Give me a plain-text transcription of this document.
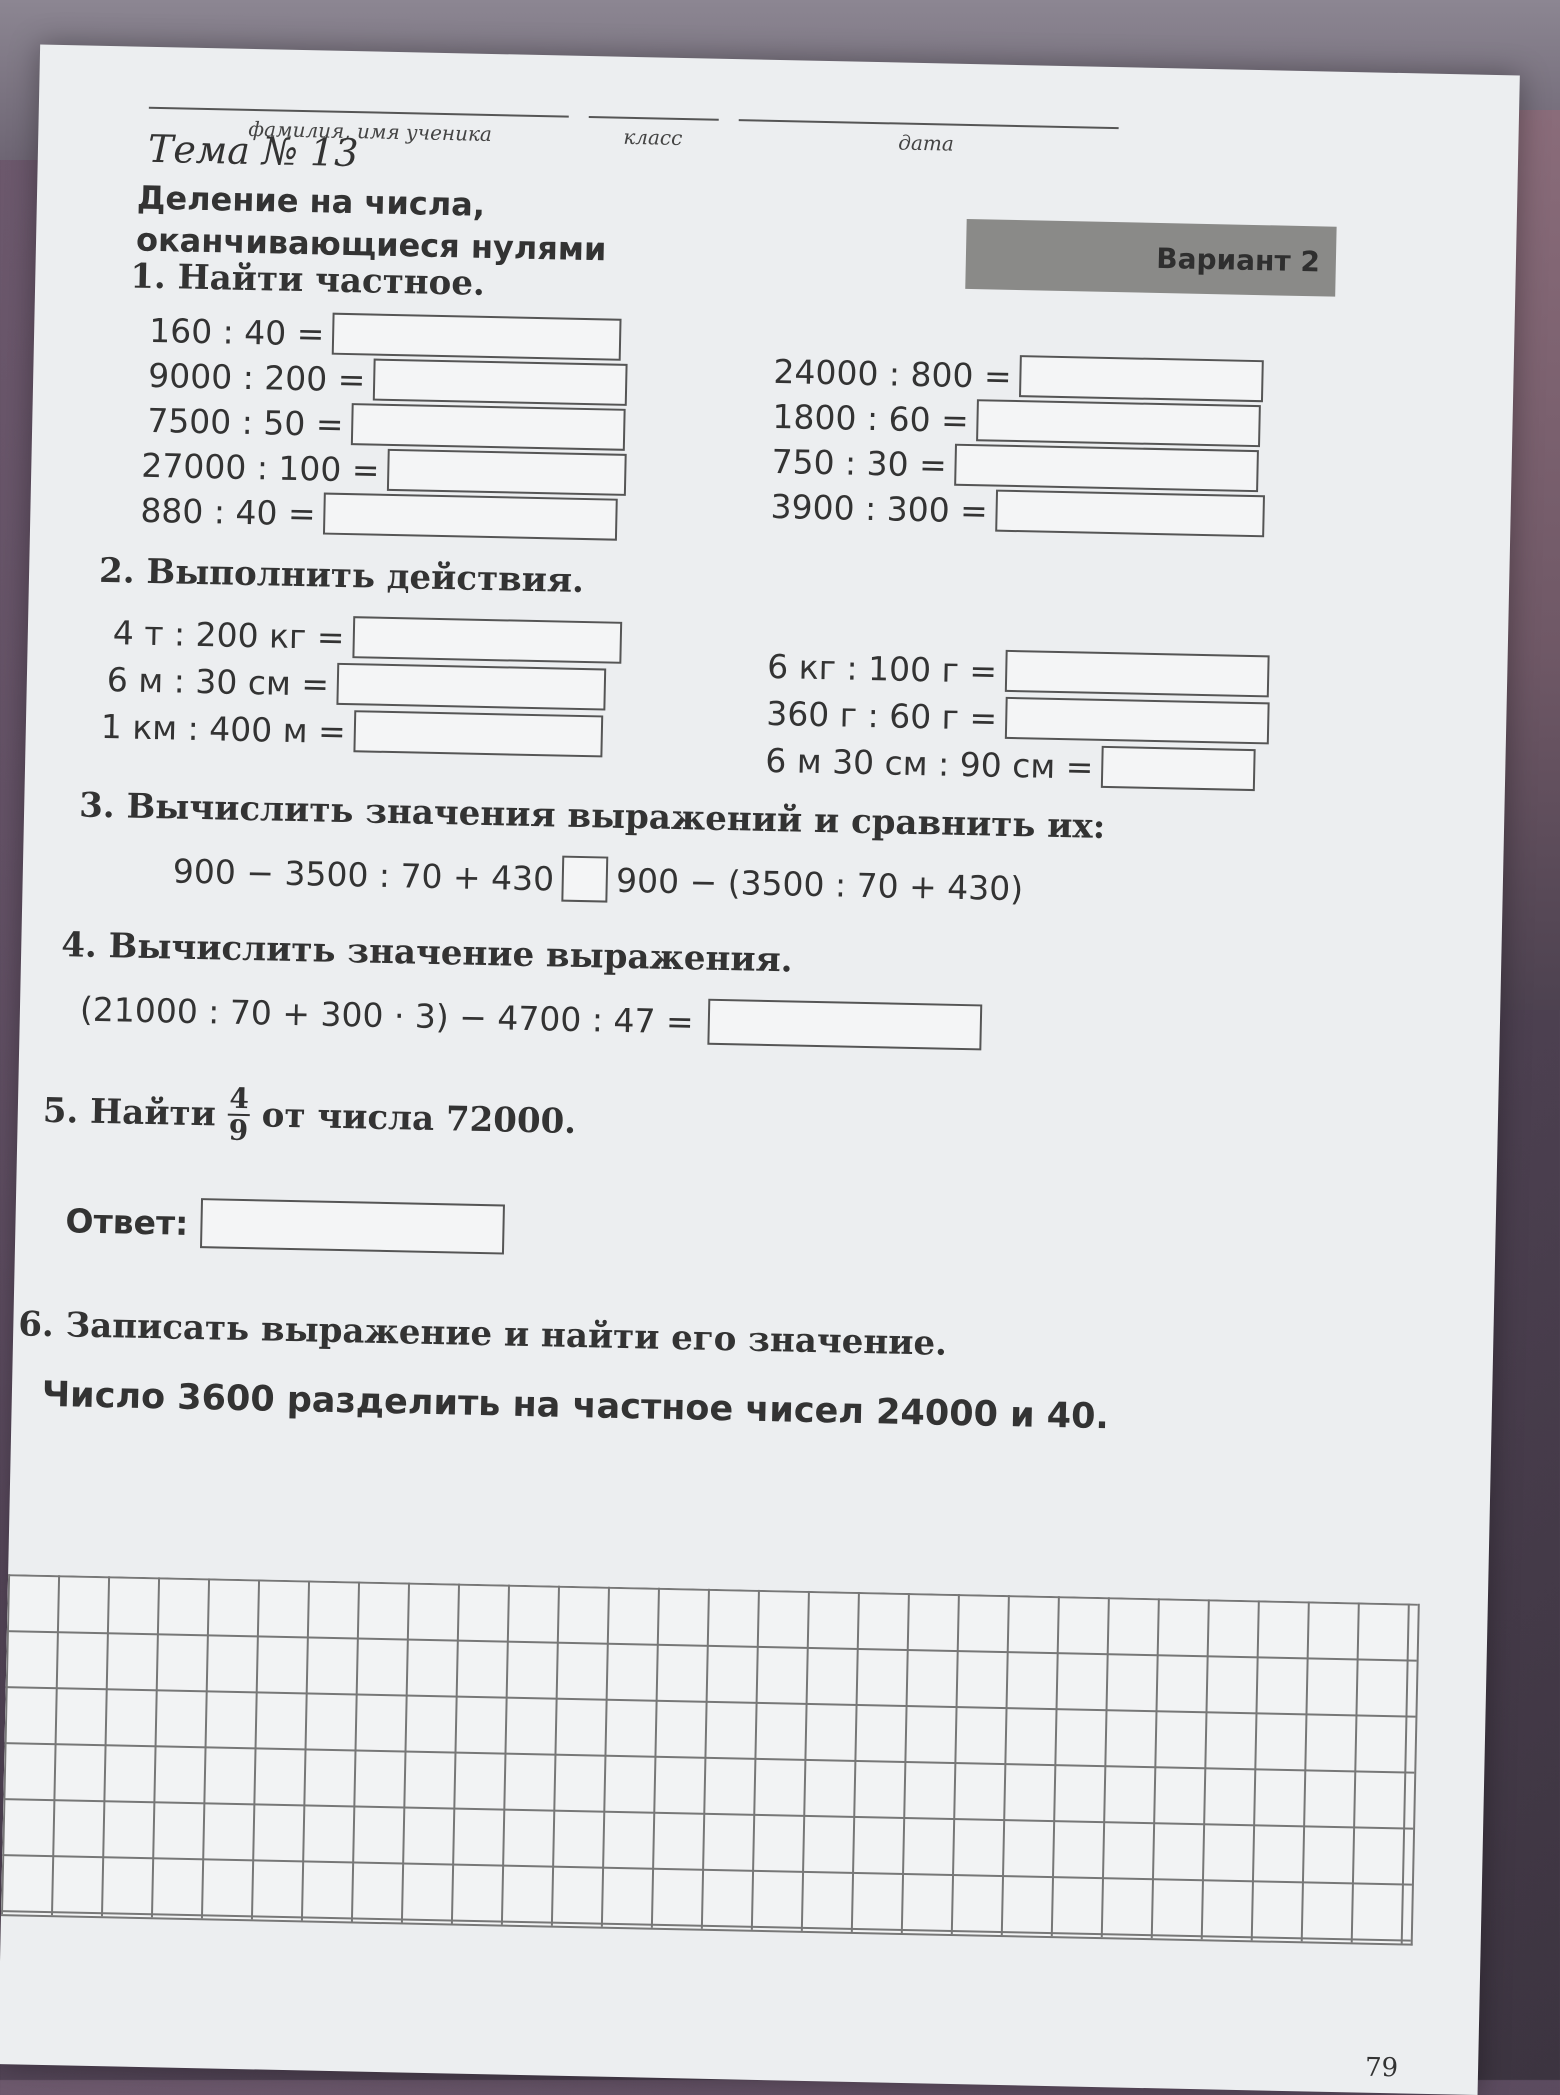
фамилия, имя ученика	класс	дата
Тема № 13
Деление на числа,
оканчивающиеся нулями	Вариант 2
1. Найти частное.
160 : 40 =
9000 : 200 =
7500 : 50 =
27000 : 100 =
880 : 40 =
24000 : 800 =
1800 : 60 =
750 : 30 =
3900 : 300 =
2. Выполнить действия.
4 т : 200 кг =
6 м : 30 см =
1 км : 400 м =
6 кг : 100 г =
360 г : 60 г =
6 м 30 см : 90 см =
3. Вычислить значения выражений и сравнить их:
900 − 3500 : 70 + 430 900 − (3500 : 70 + 430)
4. Вычислить значение выражения.
(21000 : 70 + 300 · 3) − 4700 : 47 =
5. Найти $\frac{4}{9}$ от числа 72000.
Ответ:
6. Записать выражение и найти его значение.
Число 3600 разделить на частное чисел 24000 и 40.
79
